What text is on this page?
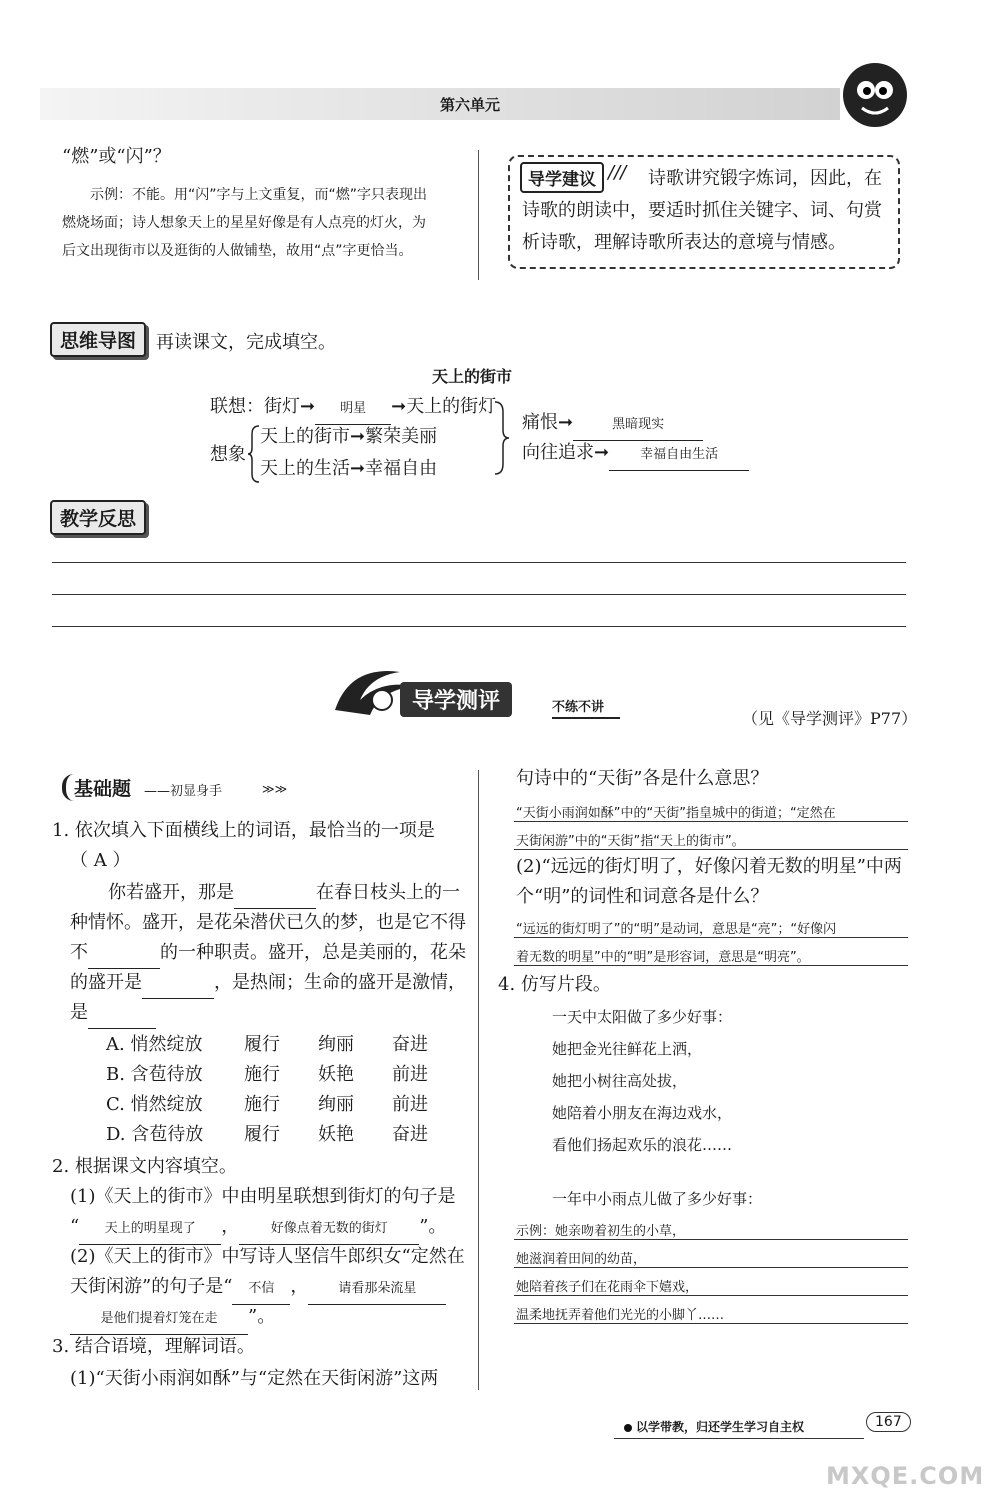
第六单元
“燃”或“闪”？
示例：不能。用“闪”字与上文重复，而“燃”字只表现出
燃烧场面；诗人想象天上的星星好像是有人点亮的灯火，为
后文出现街市以及逛街的人做铺垫，故用“点”字更恰当。
导学建议 /// 诗歌讲究锻字炼词，因此，在
诗歌的朗读中，要适时抓住关键字、词、句赏
析诗歌，理解诗歌所表达的意境与情感。
思维导图	再读课文，完成填空。
天上的街市
联想：街灯➞ 明星 ➞天上的街灯
想象
天上的街市➞繁荣美丽
天上的生活➞幸福自由
痛恨➞	黑暗现实
向往追求➞ 幸福自由生活
教学反思
导学测评	不练不讲
（见《导学测评》P77）
基础题 ——初显身手	≫≫
1. 依次填入下面横线上的词语，最恰当的一项是
（ A ）
你若盛开，那是	在春日枝头上的一
种情怀。盛开，是花朵潜伏已久的梦，也是它不得
不	的一种职责。盛开，总是美丽的，花朵
的盛开是	，是热闹；生命的盛开是激情，
是
A. 悄然绽放 履行 绚丽 奋进
B. 含苞待放 施行 妖艳 前进
C. 悄然绽放 施行 绚丽 前进
D. 含苞待放 履行 妖艳 奋进
2. 根据课文内容填空。
(1)《天上的街市》中由明星联想到街灯的句子是
“ 天上的明星现了 ， 好像点着无数的街灯 ”。
(2)《天上的街市》中写诗人坚信牛郎织女“定然在
天街闲游”的句子是“ 不信 ， 请看那朵流星
是他们提着灯笼在走 ”。
3. 结合语境，理解词语。
(1)“天街小雨润如酥”与“定然在天街闲游”这两
句诗中的“天街”各是什么意思？
“天街小雨润如酥”中的“天街”指皇城中的街道；“定然在
天街闲游”中的“天街”指“天上的街市”。
(2)“远远的街灯明了，好像闪着无数的明星”中两
个“明”的词性和词意各是什么？
“远远的街灯明了”的“明”是动词，意思是“亮”；“好像闪
着无数的明星”中的“明”是形容词，意思是“明亮”。
4. 仿写片段。
一天中太阳做了多少好事：
她把金光往鲜花上洒，
她把小树往高处拔，
她陪着小朋友在海边戏水，
看他们扬起欢乐的浪花……
一年中小雨点儿做了多少好事：
示例：她亲吻着初生的小草，
她滋润着田间的幼苗，
她陪着孩子们在花雨伞下嬉戏，
温柔地抚弄着他们光光的小脚丫……
以学带教，归还学生学习自主权	167
MXQE.COM
